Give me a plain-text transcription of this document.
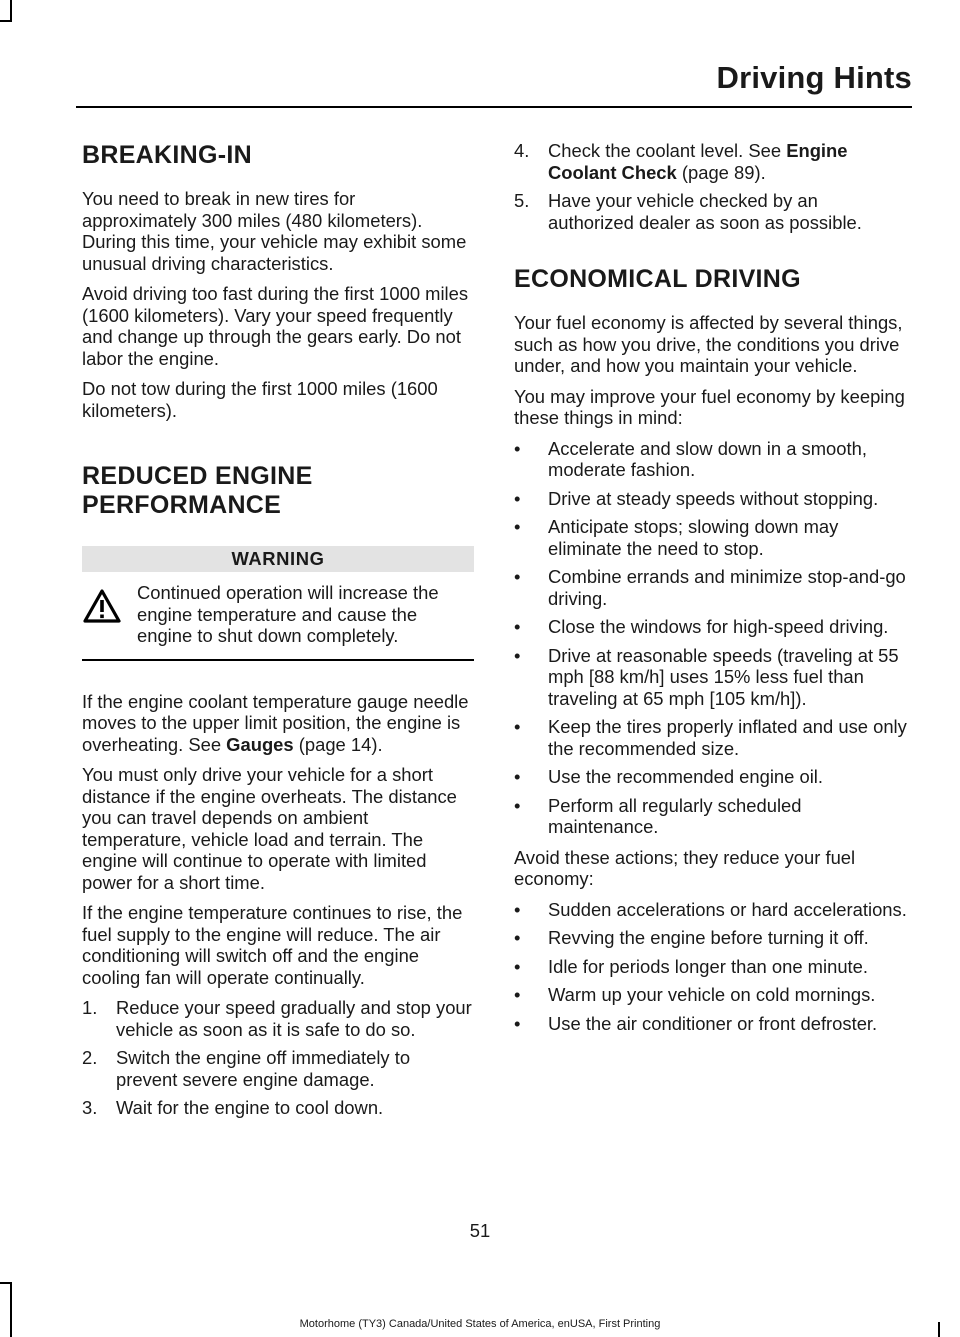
Driving Hints
BREAKING-IN

You need to break in new tires for approximately 300 miles (480 kilometers). During this time, your vehicle may exhibit some unusual driving characteristics.

Avoid driving too fast during the first 1000 miles (1600 kilometers). Vary your speed frequently and change up through the gears early. Do not labor the engine.

Do not tow during the first 1000 miles (1600 kilometers).

REDUCED ENGINE
PERFORMANCE
WARNING
Continued operation will increase the engine temperature and cause the engine to shut down completely.

If the engine coolant temperature gauge needle moves to the upper limit position, the engine is overheating. See Gauges (page 14).

You must only drive your vehicle for a short distance if the engine overheats. The distance you can travel depends on ambient temperature, vehicle load and terrain. The engine will continue to operate with limited power for a short time.

If the engine temperature continues to rise, the fuel supply to the engine will reduce. The air conditioning will switch off and the engine cooling fan will operate continually.

1.	Reduce your speed gradually and stop your vehicle as soon as it is safe to do so.
2.	Switch the engine off immediately to prevent severe engine damage.
3.	Wait for the engine to cool down.
4.	Check the coolant level. See Engine Coolant Check (page 89).
5.	Have your vehicle checked by an authorized dealer as soon as possible.
ECONOMICAL DRIVING

Your fuel economy is affected by several things, such as how you drive, the conditions you drive under, and how you maintain your vehicle.

You may improve your fuel economy by keeping these things in mind:

•	Accelerate and slow down in a smooth, moderate fashion.
•	Drive at steady speeds without stopping.
•	Anticipate stops; slowing down may eliminate the need to stop.
•	Combine errands and minimize stop-and-go driving.
•	Close the windows for high-speed driving.
•	Drive at reasonable speeds (traveling at 55 mph [88 km/h] uses 15% less fuel than traveling at 65 mph [105 km/h]).
•	Keep the tires properly inflated and use only the recommended size.
•	Use the recommended engine oil.
•	Perform all regularly scheduled maintenance.

Avoid these actions; they reduce your fuel economy:

•	Sudden accelerations or hard accelerations.
•	Revving the engine before turning it off.
•	Idle for periods longer than one minute.
•	Warm up your vehicle on cold mornings.
•	Use the air conditioner or front defroster.
51
Motorhome (TY3) Canada/United States of America, enUSA, First Printing
